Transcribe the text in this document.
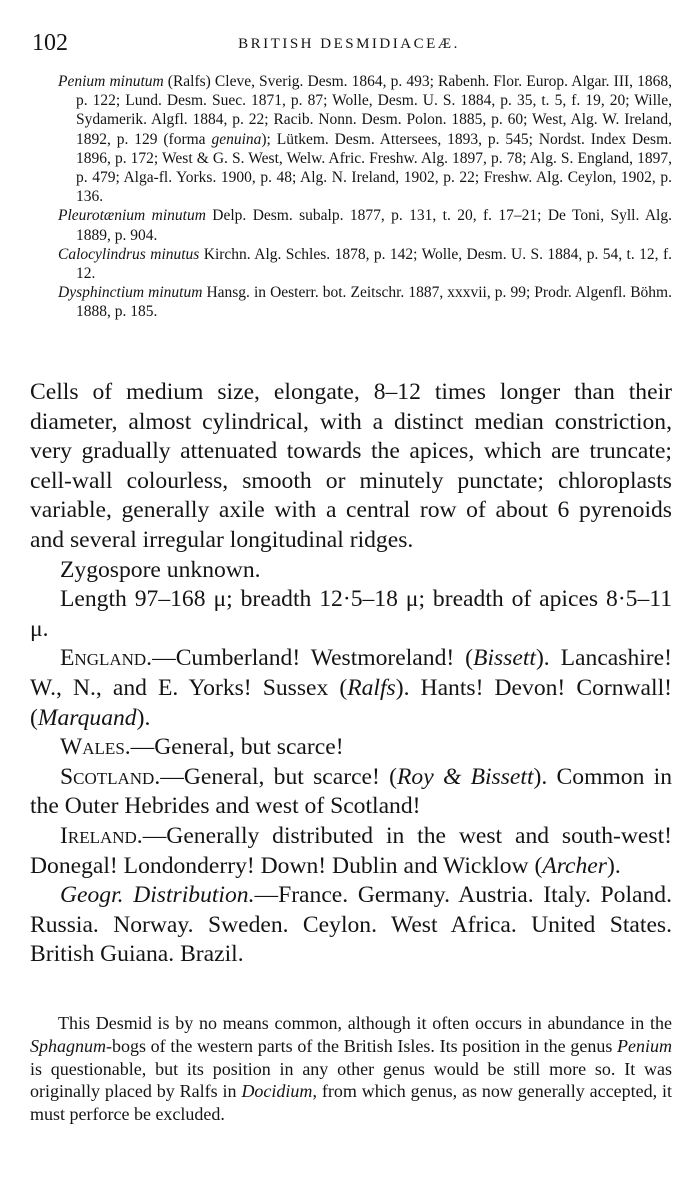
102	BRITISH DESMIDIACEÆ.

Penium minutum (Ralfs) Cleve, Sverig. Desm. 1864, p. 493; Rabenh. Flor. Europ. Algar. III, 1868, p. 122; Lund. Desm. Suec. 1871, p. 87; Wolle, Desm. U. S. 1884, p. 35, t. 5, f. 19, 20; Wille, Sydamerik. Algfl. 1884, p. 22; Racib. Nonn. Desm. Polon. 1885, p. 60; West, Alg. W. Ireland, 1892, p. 129 (forma genuina); Lütkem. Desm. Attersees, 1893, p. 545; Nordst. Index Desm. 1896, p. 172; West & G. S. West, Welw. Afric. Freshw. Alg. 1897, p. 78; Alg. S. England, 1897, p. 479; Alga-fl. Yorks. 1900, p. 48; Alg. N. Ireland, 1902, p. 22; Freshw. Alg. Ceylon, 1902, p. 136.

Pleurotænium minutum Delp. Desm. subalp. 1877, p. 131, t. 20, f. 17–21; De Toni, Syll. Alg. 1889, p. 904.

Calocylindrus minutus Kirchn. Alg. Schles. 1878, p. 142; Wolle, Desm. U. S. 1884, p. 54, t. 12, f. 12.

Dysphinctium minutum Hansg. in Oesterr. bot. Zeitschr. 1887, xxxvii, p. 99; Prodr. Algenfl. Böhm. 1888, p. 185.

Cells of medium size, elongate, 8–12 times longer than their diameter, almost cylindrical, with a distinct median constriction, very gradually attenuated towards the apices, which are truncate; cell-wall colourless, smooth or minutely punctate; chloroplasts variable, generally axile with a central row of about 6 pyrenoids and several irregular longitudinal ridges.

Zygospore unknown.

Length 97–168 μ; breadth 12·5–18 μ; breadth of apices 8·5–11 μ.

England.—Cumberland! Westmoreland! (Bissett). Lancashire! W., N., and E. Yorks! Sussex (Ralfs). Hants! Devon! Cornwall! (Marquand).

Wales.—General, but scarce!

Scotland.—General, but scarce! (Roy & Bissett). Common in the Outer Hebrides and west of Scotland!

Ireland.—Generally distributed in the west and south-west! Donegal! Londonderry! Down! Dublin and Wicklow (Archer).

Geogr. Distribution.—France. Germany. Austria. Italy. Poland. Russia. Norway. Sweden. Ceylon. West Africa. United States. British Guiana. Brazil.

This Desmid is by no means common, although it often occurs in abundance in the Sphagnum-bogs of the western parts of the British Isles. Its position in the genus Penium is questionable, but its position in any other genus would be still more so. It was originally placed by Ralfs in Docidium, from which genus, as now generally accepted, it must perforce be excluded.
